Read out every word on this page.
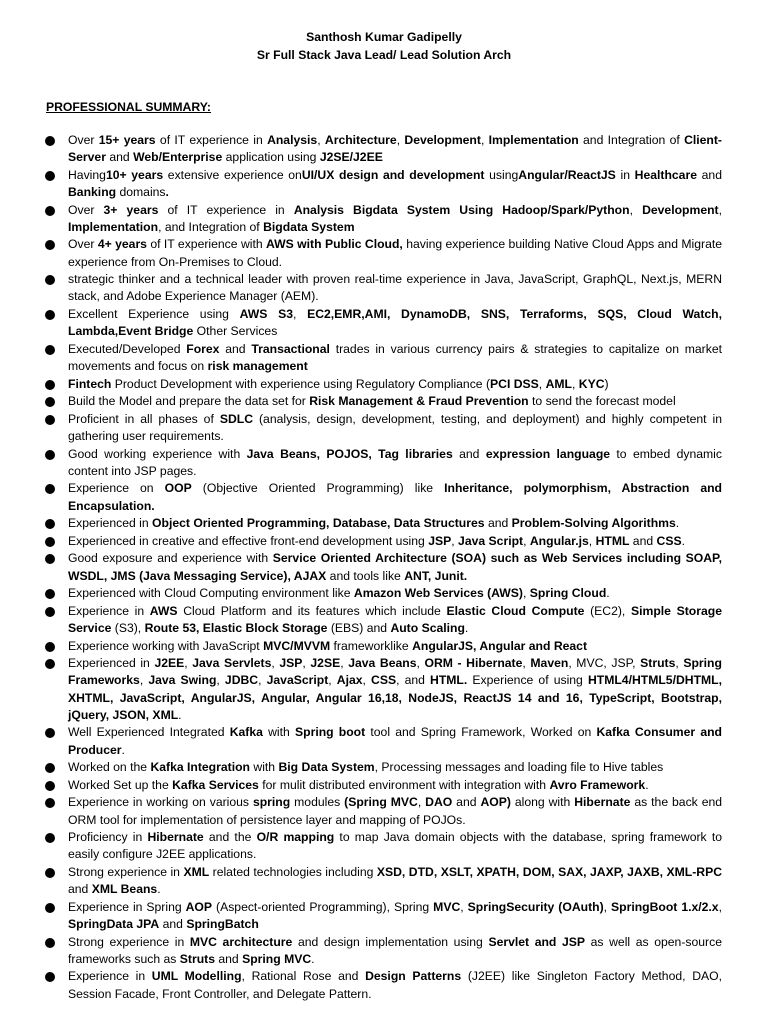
Santhosh Kumar Gadipelly
Sr Full Stack Java Lead/ Lead Solution Arch
PROFESSIONAL SUMMARY:
Over 15+ years of IT experience in Analysis, Architecture, Development, Implementation and Integration of Client-Server and Web/Enterprise application using J2SE/J2EE
Having10+ years extensive experience onUI/UX design and development usingAngular/ReactJS in Healthcare and Banking domains.
Over 3+ years of IT experience in Analysis Bigdata System Using Hadoop/Spark/Python, Development, Implementation, and Integration of Bigdata System
Over 4+ years of IT experience with AWS with Public Cloud, having experience building Native Cloud Apps and Migrate experience from On-Premises to Cloud.
strategic thinker and a technical leader with proven real-time experience in Java, JavaScript, GraphQL, Next.js, MERN stack, and Adobe Experience Manager (AEM).
Excellent Experience using AWS S3, EC2,EMR,AMI, DynamoDB, SNS, Terraforms, SQS, Cloud Watch, Lambda,Event Bridge Other Services
Executed/Developed Forex and Transactional trades in various currency pairs & strategies to capitalize on market movements and focus on risk management
Fintech Product Development with experience using Regulatory Compliance (PCI DSS, AML, KYC)
Build the Model and prepare the data set for Risk Management & Fraud Prevention to send the forecast model
Proficient in all phases of SDLC (analysis, design, development, testing, and deployment) and highly competent in gathering user requirements.
Good working experience with Java Beans, POJOS, Tag libraries and expression language to embed dynamic content into JSP pages.
Experience on OOP (Objective Oriented Programming) like Inheritance, polymorphism, Abstraction and Encapsulation.
Experienced in Object Oriented Programming, Database, Data Structures and Problem-Solving Algorithms.
Experienced in creative and effective front-end development using JSP, Java Script, Angular.js, HTML and CSS.
Good exposure and experience with Service Oriented Architecture (SOA) such as Web Services including SOAP, WSDL, JMS (Java Messaging Service), AJAX and tools like ANT, Junit.
Experienced with Cloud Computing environment like Amazon Web Services (AWS), Spring Cloud.
Experience in AWS Cloud Platform and its features which include Elastic Cloud Compute (EC2), Simple Storage Service (S3), Route 53, Elastic Block Storage (EBS) and Auto Scaling.
Experience working with JavaScript MVC/MVVM frameworklike AngularJS, Angular and React
Experienced in J2EE, Java Servlets, JSP, J2SE, Java Beans, ORM - Hibernate, Maven, MVC, JSP, Struts, Spring Frameworks, Java Swing, JDBC, JavaScript, Ajax, CSS, and HTML. Experience of using HTML4/HTML5/DHTML, XHTML, JavaScript, AngularJS, Angular, Angular 16,18, NodeJS, ReactJS 14 and 16, TypeScript, Bootstrap, jQuery, JSON, XML.
Well Experienced Integrated Kafka with Spring boot tool and Spring Framework, Worked on Kafka Consumer and Producer.
Worked on the Kafka Integration with Big Data System, Processing messages and loading file to Hive tables
Worked Set up the Kafka Services for mulit distributed environment with integration with Avro Framework.
Experience in working on various spring modules (Spring MVC, DAO and AOP) along with Hibernate as the back end ORM tool for implementation of persistence layer and mapping of POJOs.
Proficiency in Hibernate and the O/R mapping to map Java domain objects with the database, spring framework to easily configure J2EE applications.
Strong experience in XML related technologies including XSD, DTD, XSLT, XPATH, DOM, SAX, JAXP, JAXB, XML-RPC and XML Beans.
Experience in Spring AOP (Aspect-oriented Programming), Spring MVC, SpringSecurity (OAuth), SpringBoot 1.x/2.x, SpringData JPA and SpringBatch
Strong experience in MVC architecture and design implementation using Servlet and JSP as well as open-source frameworks such as Struts and Spring MVC.
Experience in UML Modelling, Rational Rose and Design Patterns (J2EE) like Singleton Factory Method, DAO, Session Facade, Front Controller, and Delegate Pattern.
